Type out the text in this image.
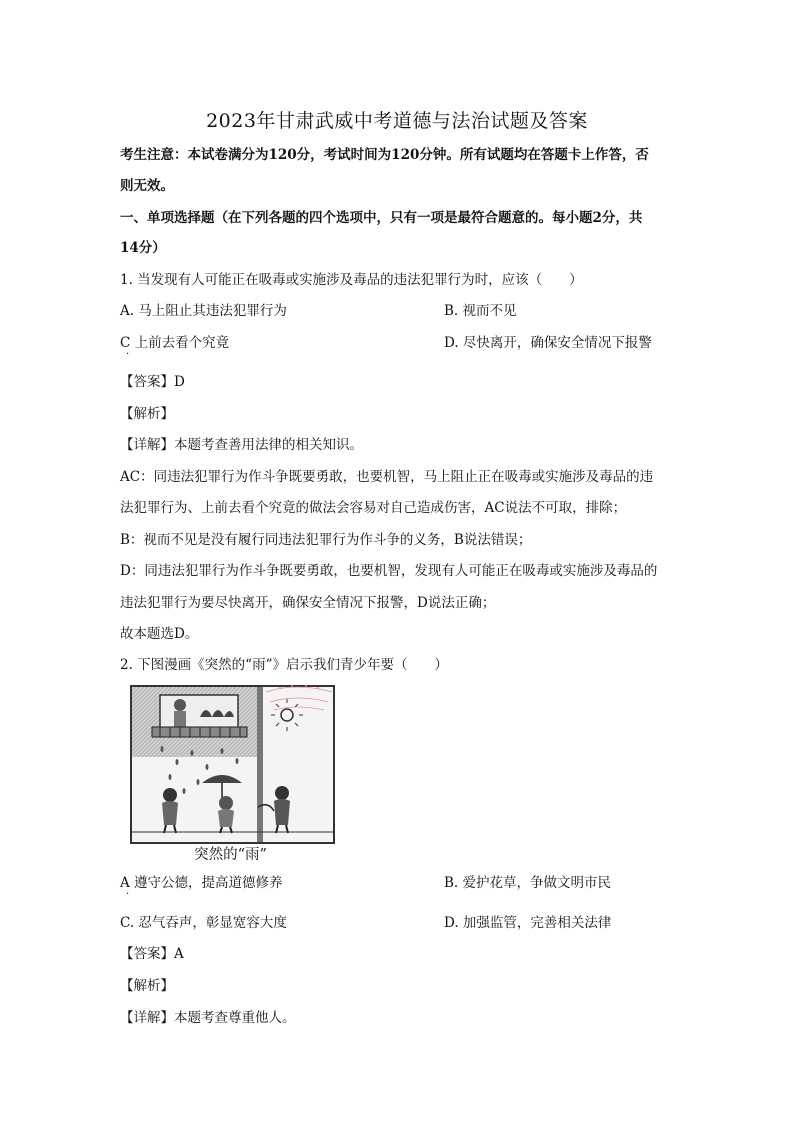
2023年甘肃武威中考道德与法治试题及答案
考生注意：本试卷满分为120分，考试时间为120分钟。所有试题均在答题卡上作答，否
则无效。
一、单项选择题（在下列各题的四个选项中，只有一项是最符合题意的。每小题2分，共
14分）
1. 当发现有人可能正在吸毒或实施涉及毒品的违法犯罪行为时，应该（　　）
A. 马上阻止其违法犯罪行为	B. 视而不见
C 上前去看个究竟
·
D. 尽快离开，确保安全情况下报警
【答案】D
【解析】
【详解】本题考查善用法律的相关知识。
AC：同违法犯罪行为作斗争既要勇敢，也要机智，马上阻止正在吸毒或实施涉及毒品的违
法犯罪行为、上前去看个究竟的做法会容易对自己造成伤害，AC说法不可取，排除；
B：视而不见是没有履行同违法犯罪行为作斗争的义务，B说法错误；
D：同违法犯罪行为作斗争既要勇敢，也要机智，发现有人可能正在吸毒或实施涉及毒品的
违法犯罪行为要尽快离开，确保安全情况下报警，D说法正确；
故本题选D。
2. 下图漫画《突然的“雨”》启示我们青少年要（　　）
突然的“雨”
A 遵守公德，提高道德修养
·
B. 爱护花草，争做文明市民
C. 忍气吞声，彰显宽容大度	D. 加强监管，完善相关法律
【答案】A
【解析】
【详解】本题考查尊重他人。
